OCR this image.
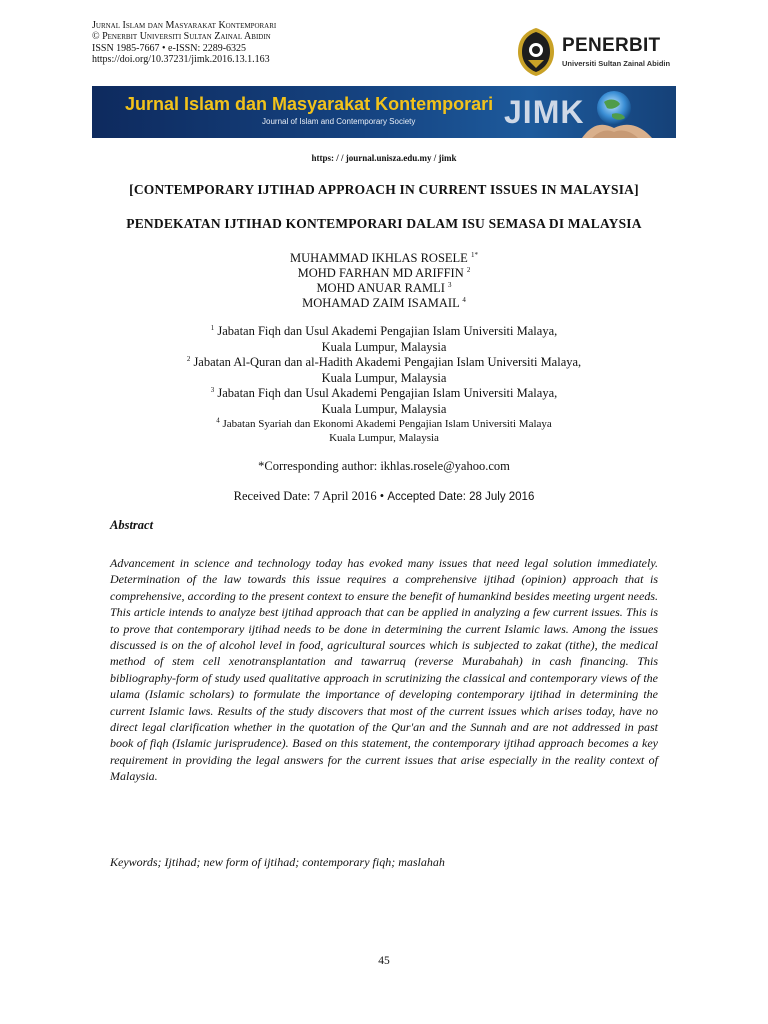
Jurnal Islam dan Masyarakat Kontemporari
© Penerbit Universiti Sultan Zainal Abidin
ISSN 1985-7667 • e-ISSN: 2289-6325
https://doi.org/10.37231/jimk.2016.13.1.163
PENERBIT
Universiti Sultan Zainal Abidin
Jurnal Islam dan Masyarakat Kontemporari
Journal of Islam and Contemporary Society	JIMK
https: / / journal.unisza.edu.my / jimk
[CONTEMPORARY IJTIHAD APPROACH IN CURRENT ISSUES IN MALAYSIA]
PENDEKATAN IJTIHAD KONTEMPORARI DALAM ISU SEMASA DI MALAYSIA
MUHAMMAD IKHLAS ROSELE $^{1*}$
MOHD FARHAN MD ARIFFIN $^2$
MOHD ANUAR RAMLI $^3$
MOHAMAD ZAIM ISAMAIL $^4$
$^1$ Jabatan Fiqh dan Usul Akademi Pengajian Islam Universiti Malaya,
Kuala Lumpur, Malaysia
$^2$ Jabatan Al-Quran dan al-Hadith Akademi Pengajian Islam Universiti Malaya,
Kuala Lumpur, Malaysia
$^3$ Jabatan Fiqh dan Usul Akademi Pengajian Islam Universiti Malaya,
Kuala Lumpur, Malaysia
$^4$ Jabatan Syariah dan Ekonomi Akademi Pengajian Islam Universiti Malaya
Kuala Lumpur, Malaysia
*Corresponding author: ikhlas.rosele@yahoo.com
Received Date: 7 April 2016 • Accepted Date: 28 July 2016
Abstract

Advancement in science and technology today has evoked many issues that need legal solution immediately. Determination of the law towards this issue requires a comprehensive ijtihad (opinion) approach that is comprehensive, according to the present context to ensure the benefit of humankind besides meeting urgent needs. This article intends to analyze best ijtihad approach that can be applied in analyzing a few current issues. This is to prove that contemporary ijtihad needs to be done in determining the current Islamic laws. Among the issues discussed is on the of alcohol level in food, agricultural sources which is subjected to zakat (tithe), the medical method of stem cell xenotransplantation and tawarruq (reverse Murabahah) in cash financing. This bibliography-form of study used qualitative approach in scrutinizing the classical and contemporary views of the ulama (Islamic scholars) to formulate the importance of developing contemporary ijtihad in determining the current Islamic laws. Results of the study discovers that most of the current issues which arises today, have no direct legal clarification whether in the quotation of the Qur'an and the Sunnah and are not addressed in past book of fiqh (Islamic jurisprudence). Based on this statement, the contemporary ijtihad approach becomes a key requirement in providing the legal answers for the current issues that arise especially in the reality context of Malaysia.

Keywords; Ijtihad; new form of ijtihad; contemporary fiqh; maslahah
45
